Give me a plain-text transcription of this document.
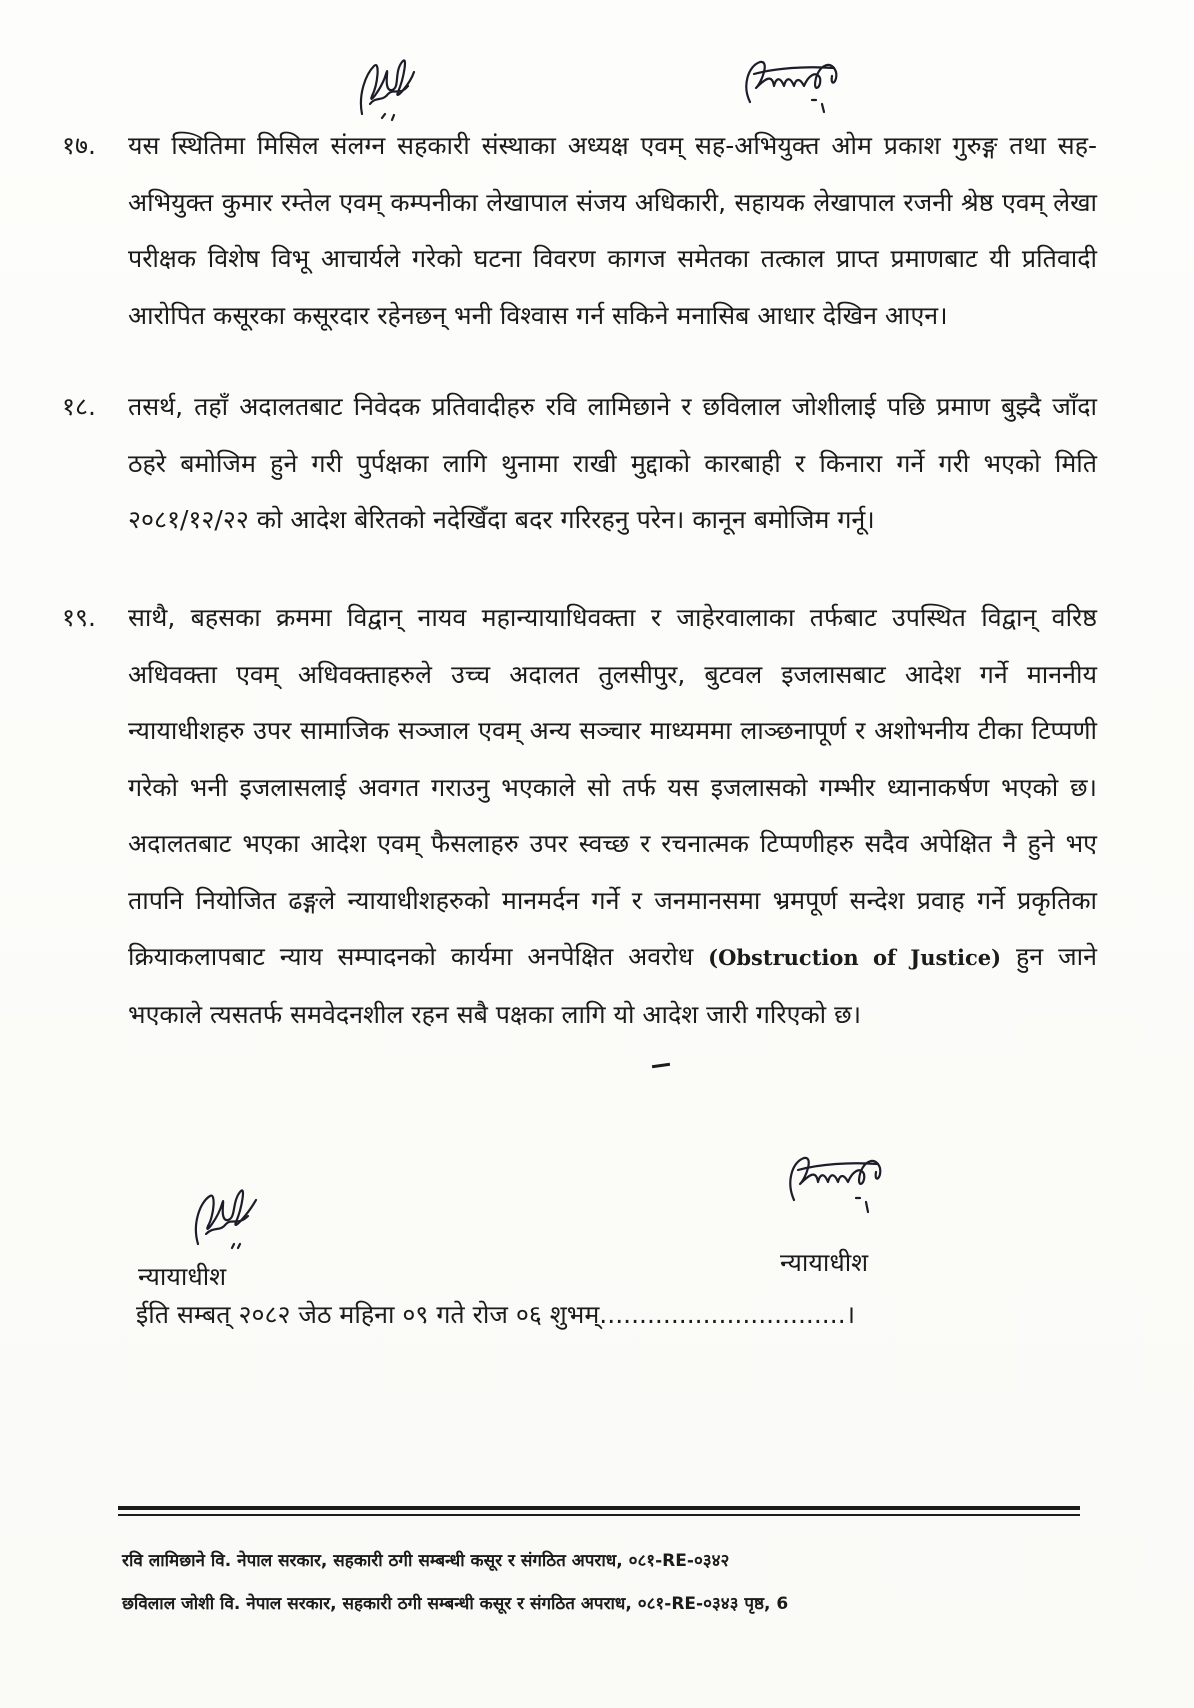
१७. यस स्थितिमा मिसिल संलग्न सहकारी संस्थाका अध्यक्ष एवम् सह-अभियुक्त ओम प्रकाश गुरुङ्ग तथा सह-अभियुक्त कुमार रम्तेल एवम् कम्पनीका लेखापाल संजय अधिकारी, सहायक लेखापाल रजनी श्रेष्ठ एवम् लेखा परीक्षक विशेष विभू आचार्यले गरेको घटना विवरण कागज समेतका तत्काल प्राप्त प्रमाणबाट यी प्रतिवादी आरोपित कसूरका कसूरदार रहेनछन् भनी विश्वास गर्न सकिने मनासिब आधार देखिन आएन।
१८. तसर्थ, तहाँ अदालतबाट निवेदक प्रतिवादीहरु रवि लामिछाने र छविलाल जोशीलाई पछि प्रमाण बुझ्दै जाँदा ठहरे बमोजिम हुने गरी पुर्पक्षका लागि थुनामा राखी मुद्दाको कारबाही र किनारा गर्ने गरी भएको मिति २०८१/१२/२२ को आदेश बेरितको नदेखिँदा बदर गरिरहनु परेन। कानून बमोजिम गर्नू।
१९. साथै, बहसका क्रममा विद्वान् नायव महान्यायाधिवक्ता र जाहेरवालाका तर्फबाट उपस्थित विद्वान् वरिष्ठ अधिवक्ता एवम् अधिवक्ताहरुले उच्च अदालत तुलसीपुर, बुटवल इजलासबाट आदेश गर्ने माननीय न्यायाधीशहरु उपर सामाजिक सञ्जाल एवम् अन्य सञ्चार माध्यममा लाञ्छनापूर्ण र अशोभनीय टीका टिप्पणी गरेको भनी इजलासलाई अवगत गराउनु भएकाले सो तर्फ यस इजलासको गम्भीर ध्यानाकर्षण भएको छ। अदालतबाट भएका आदेश एवम् फैसलाहरु उपर स्वच्छ र रचनात्मक टिप्पणीहरु सदैव अपेक्षित नै हुने भए तापनि नियोजित ढङ्गले न्यायाधीशहरुको मानमर्दन गर्ने र जनमानसमा भ्रमपूर्ण सन्देश प्रवाह गर्ने प्रकृतिका क्रियाकलापबाट न्याय सम्पादनको कार्यमा अनपेक्षित अवरोध (Obstruction of Justice) हुन जाने भएकाले त्यसतर्फ समवेदनशील रहन सबै पक्षका लागि यो आदेश जारी गरिएको छ।
न्यायाधीश	न्यायाधीश
ईति सम्बत् २०८२ जेठ महिना ०९ गते रोज ०६ शुभम्...............................।
रवि लामिछाने वि. नेपाल सरकार, सहकारी ठगी सम्बन्धी कसूर र संगठित अपराध, ०८१-RE-०३४२
छविलाल जोशी वि. नेपाल सरकार, सहकारी ठगी सम्बन्धी कसूर र संगठित अपराध, ०८१-RE-०३४३ पृष्ठ, 6
